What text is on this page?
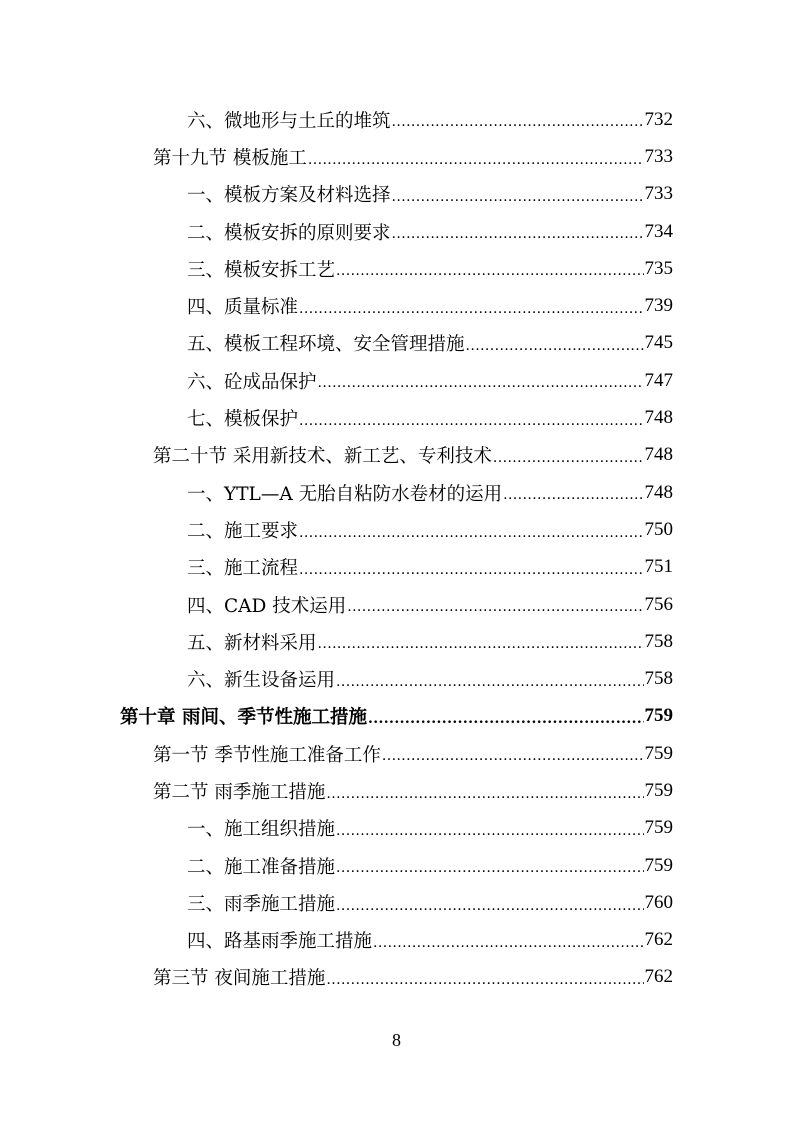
六、微地形与土丘的堆筑 .....	732
第十九节 模板施工 .....	733
一、模板方案及材料选择 .....	733
二、模板安拆的原则要求 .....	734
三、模板安拆工艺 .....	735
四、质量标准 .....	739
五、模板工程环境、安全管理措施 .....	745
六、砼成品保护 .....	747
七、模板保护 .....	748
第二十节 采用新技术、新工艺、专利技术 .....	748
一、YTL—A 无胎自粘防水卷材的运用 .....	748
二、施工要求 .....	750
三、施工流程 .....	751
四、CAD 技术运用 .....	756
五、新材料采用 .....	758
六、新生设备运用 .....	758
第十章 雨间、季节性施工措施 .....	759
第一节 季节性施工准备工作 .....	759
第二节 雨季施工措施 .....	759
一、施工组织措施 .....	759
二、施工准备措施 .....	759
三、雨季施工措施 .....	760
四、路基雨季施工措施 .....	762
第三节 夜间施工措施 .....	762
8
